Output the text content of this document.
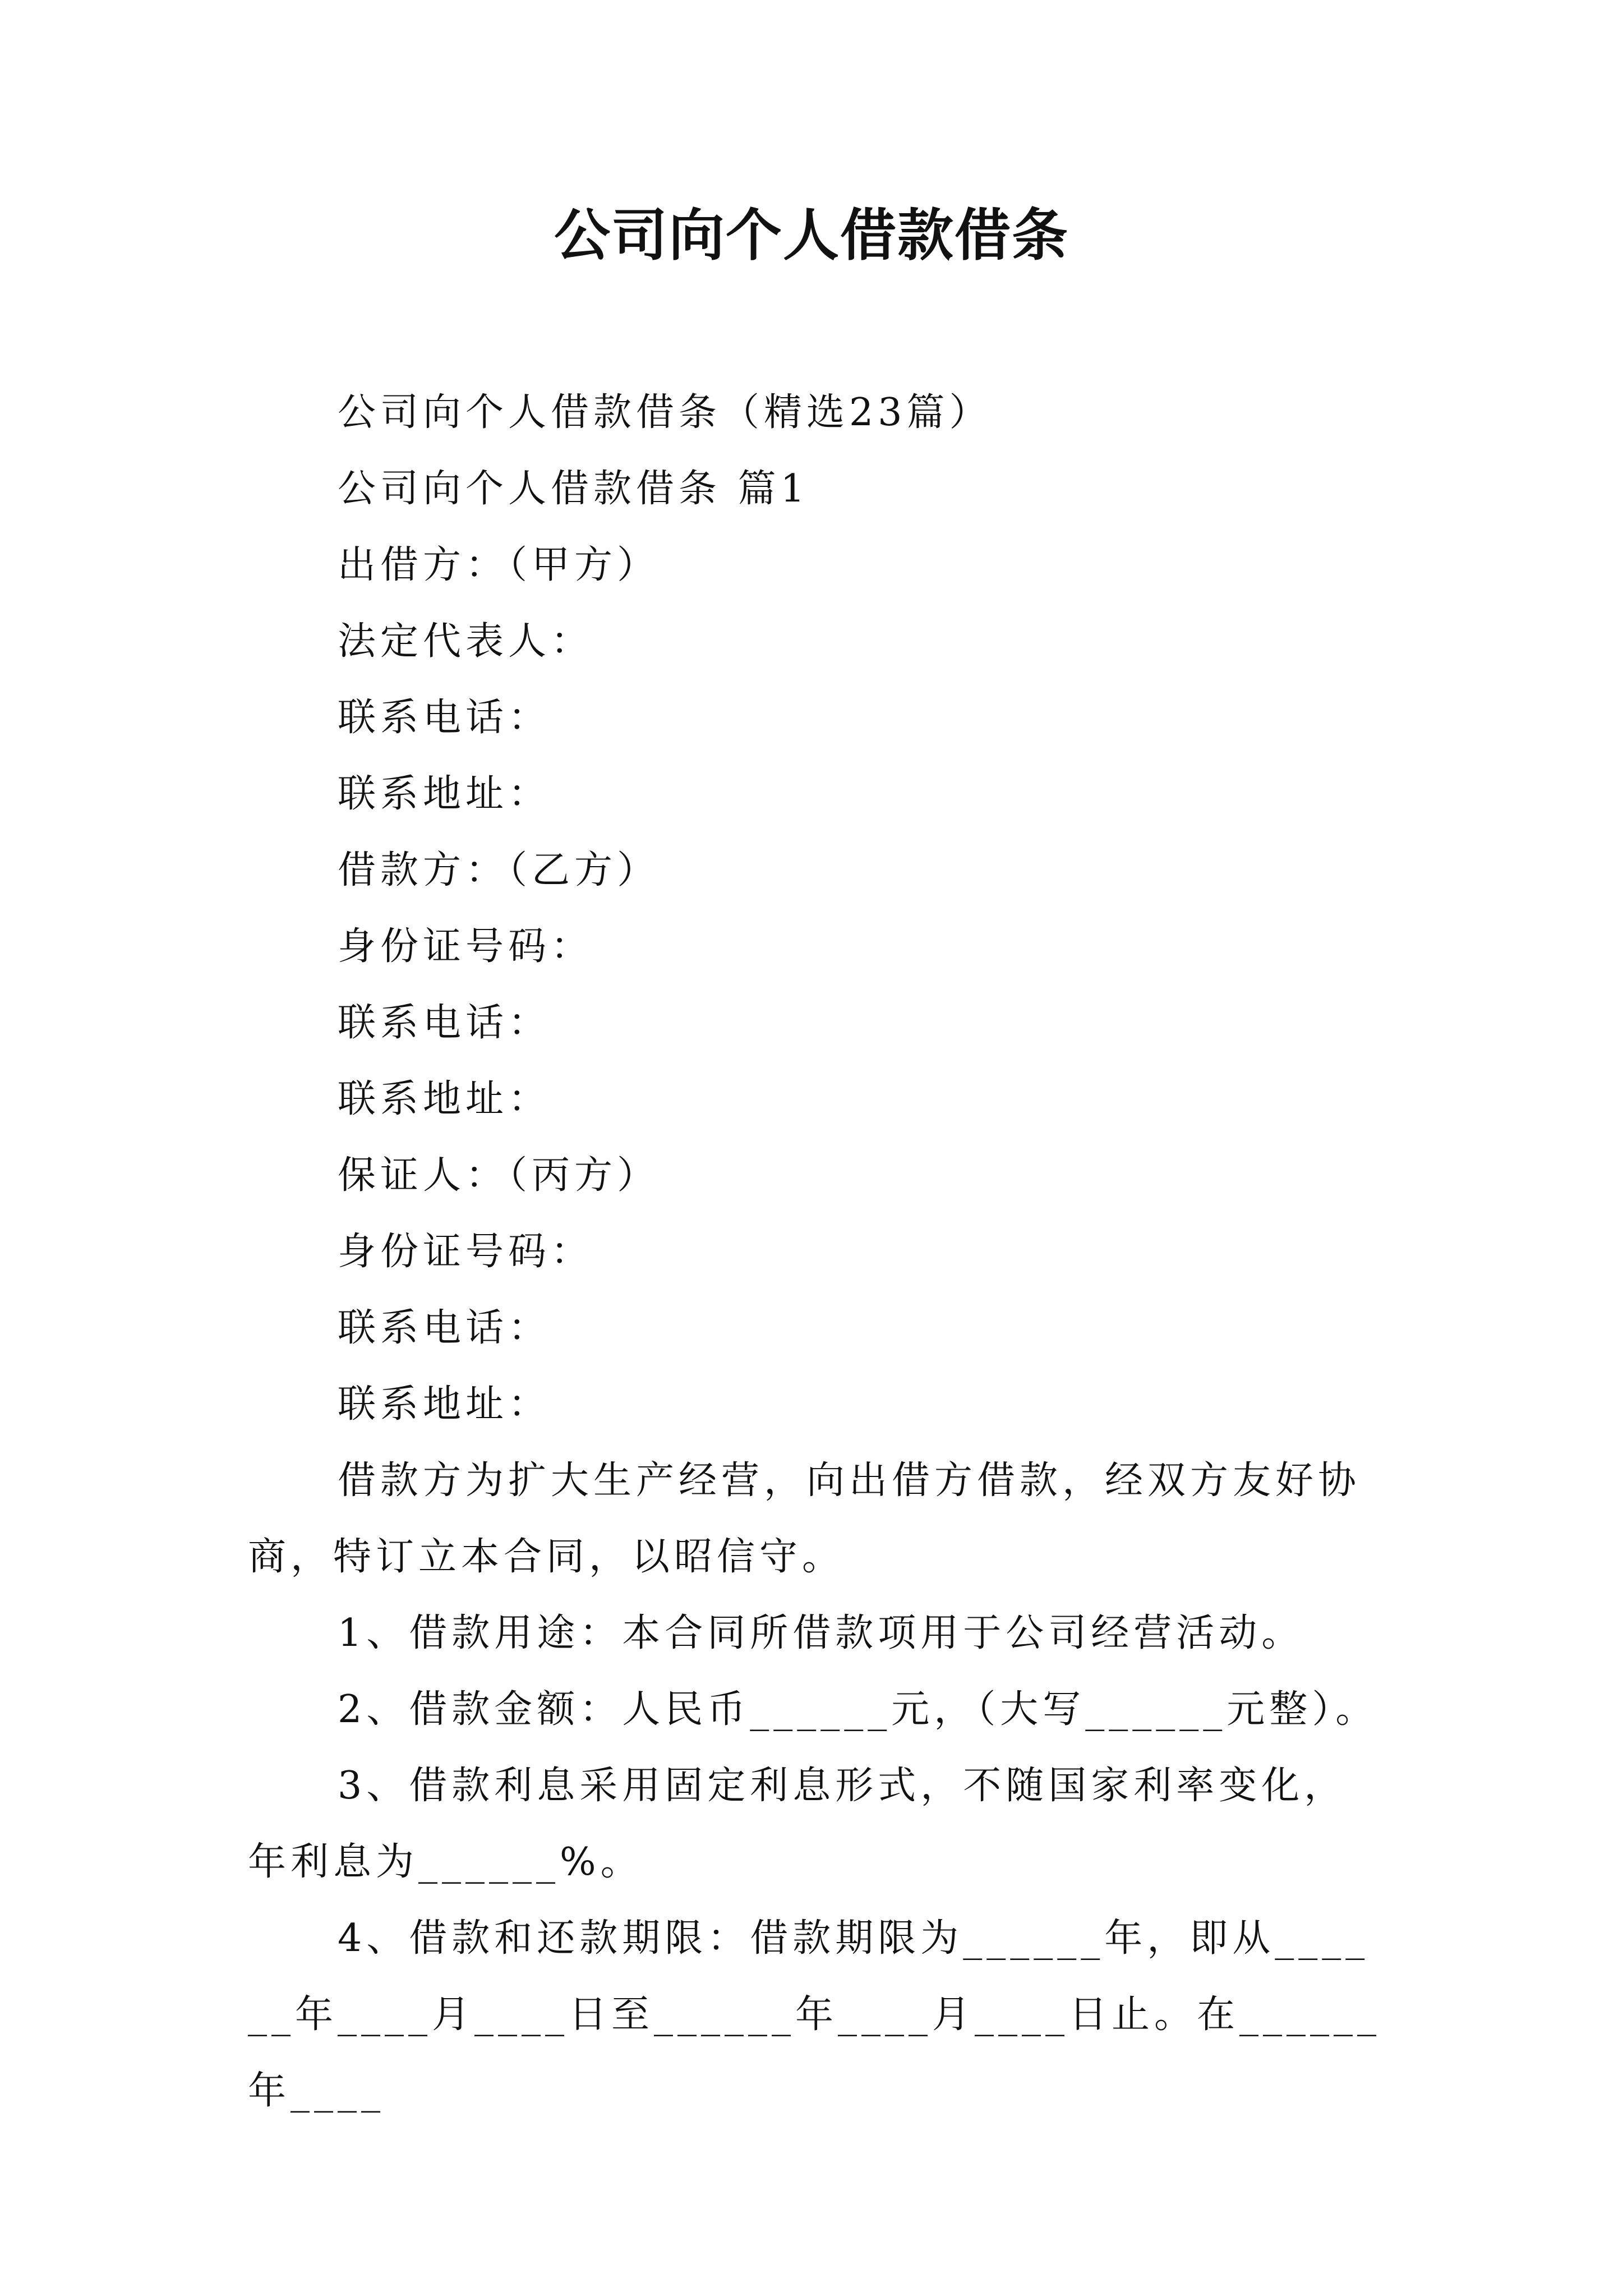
公司向个人借款借条

公司向个人借款借条（精选23篇）

公司向个人借款借条 篇1

出借方：（甲方）

法定代表人：

联系电话：

联系地址：

借款方：（乙方）

身份证号码：

联系电话：

联系地址：

保证人：（丙方）

身份证号码：

联系电话：

联系地址：

借款方为扩大生产经营，向出借方借款，经双方友好协商，特订立本合同，以昭信守。

1、借款用途：本合同所借款项用于公司经营活动。

2、借款金额：人民币______元，（大写______元整）。

3、借款利息采用固定利息形式，不随国家利率变化，年利息为______%。

4、借款和还款期限：借款期限为______年，即从______年____月____日至______年____月____日止。在______年____
